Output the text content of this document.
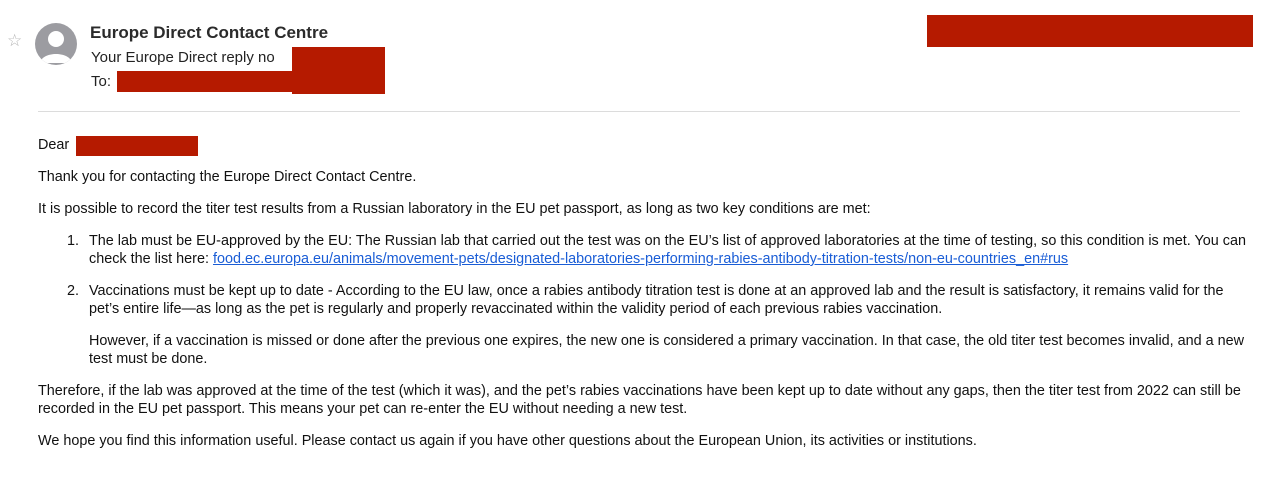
☆	Europe Direct Contact Centre
Your Europe Direct reply no
To:

Dear

Thank you for contacting the Europe Direct Contact Centre.

It is possible to record the titer test results from a Russian laboratory in the EU pet passport, as long as two key conditions are met:

1. The lab must be EU-approved by the EU: The Russian lab that carried out the test was on the EU’s list of approved laboratories at the time of testing, so this condition is met. You can check the list here: food.ec.europa.eu/animals/movement-pets/designated-laboratories-performing-rabies-antibody-titration-tests/non-eu-countries_en#rus
2. Vaccinations must be kept up to date - According to the EU law, once a rabies antibody titration test is done at an approved lab and the result is satisfactory, it remains valid for the pet’s entire life—as long as the pet is regularly and properly revaccinated within the validity period of each previous rabies vaccination.
However, if a vaccination is missed or done after the previous one expires, the new one is considered a primary vaccination. In that case, the old titer test becomes invalid, and a new test must be done.

Therefore, if the lab was approved at the time of the test (which it was), and the pet’s rabies vaccinations have been kept up to date without any gaps, then the titer test from 2022 can still be recorded in the EU pet passport. This means your pet can re-enter the EU without needing a new test.

We hope you find this information useful. Please contact us again if you have other questions about the European Union, its activities or institutions.
